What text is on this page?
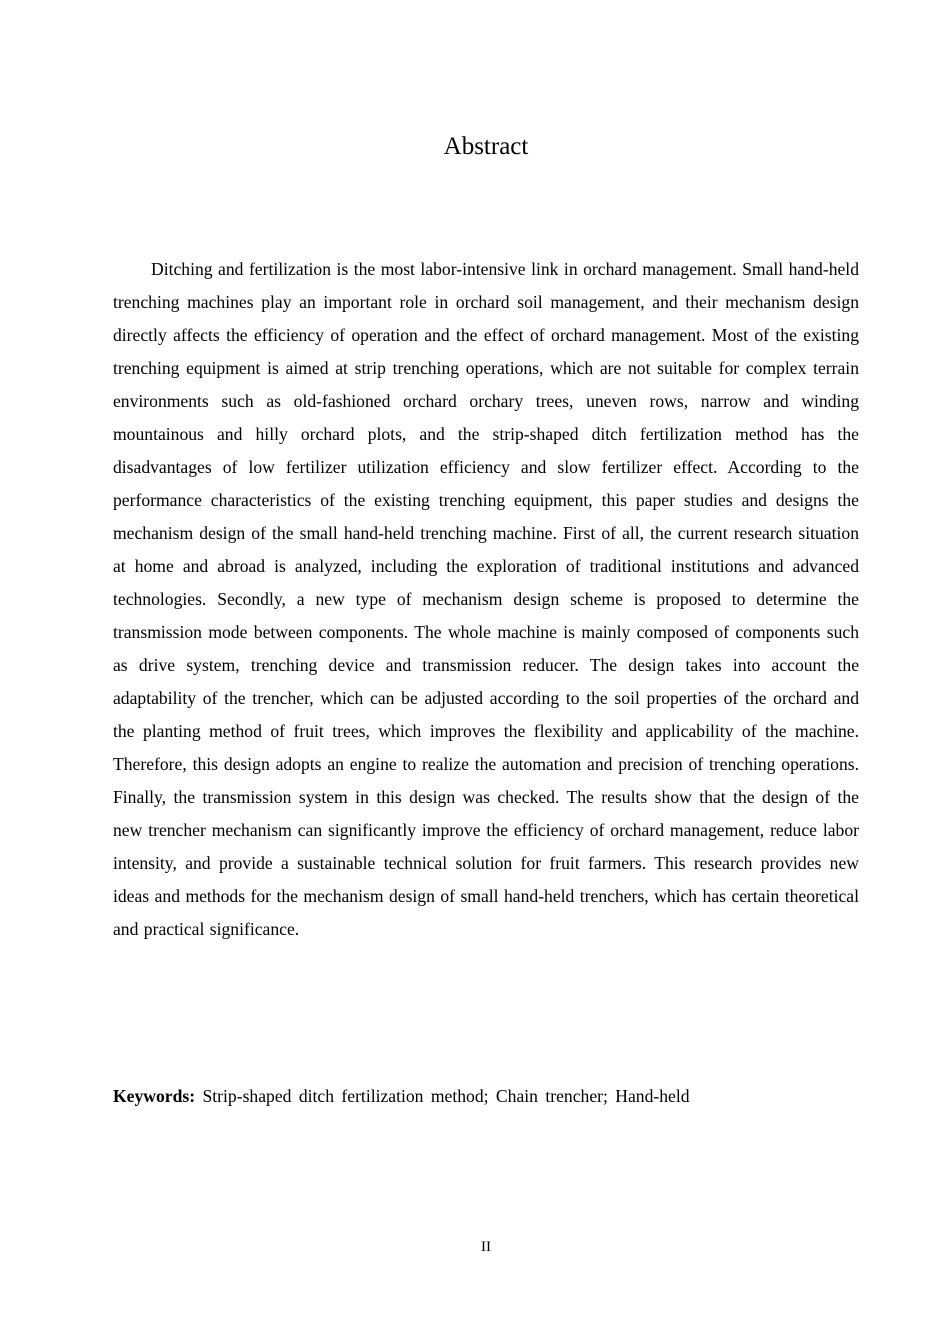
Abstract

Ditching and fertilization is the most labor-intensive link in orchard management. Small hand-held trenching machines play an important role in orchard soil management, and their mechanism design directly affects the efficiency of operation and the effect of orchard management. Most of the existing trenching equipment is aimed at strip trenching operations, which are not suitable for complex terrain environments such as old-fashioned orchard orchary trees, uneven rows, narrow and winding mountainous and hilly orchard plots, and the strip-shaped ditch fertilization method has the disadvantages of low fertilizer utilization efficiency and slow fertilizer effect. According to the performance characteristics of the existing trenching equipment, this paper studies and designs the mechanism design of the small hand-held trenching machine. First of all, the current research situation at home and abroad is analyzed, including the exploration of traditional institutions and advanced technologies. Secondly, a new type of mechanism design scheme is proposed to determine the transmission mode between components. The whole machine is mainly composed of components such as drive system, trenching device and transmission reducer. The design takes into account the adaptability of the trencher, which can be adjusted according to the soil properties of the orchard and the planting method of fruit trees, which improves the flexibility and applicability of the machine. Therefore, this design adopts an engine to realize the automation and precision of trenching operations. Finally, the transmission system in this design was checked. The results show that the design of the new trencher mechanism can significantly improve the efficiency of orchard management, reduce labor intensity, and provide a sustainable technical solution for fruit farmers. This research provides new ideas and methods for the mechanism design of small hand-held trenchers, which has certain theoretical and practical significance.

Keywords: Strip-shaped ditch fertilization method; Chain trencher; Hand-held

II
